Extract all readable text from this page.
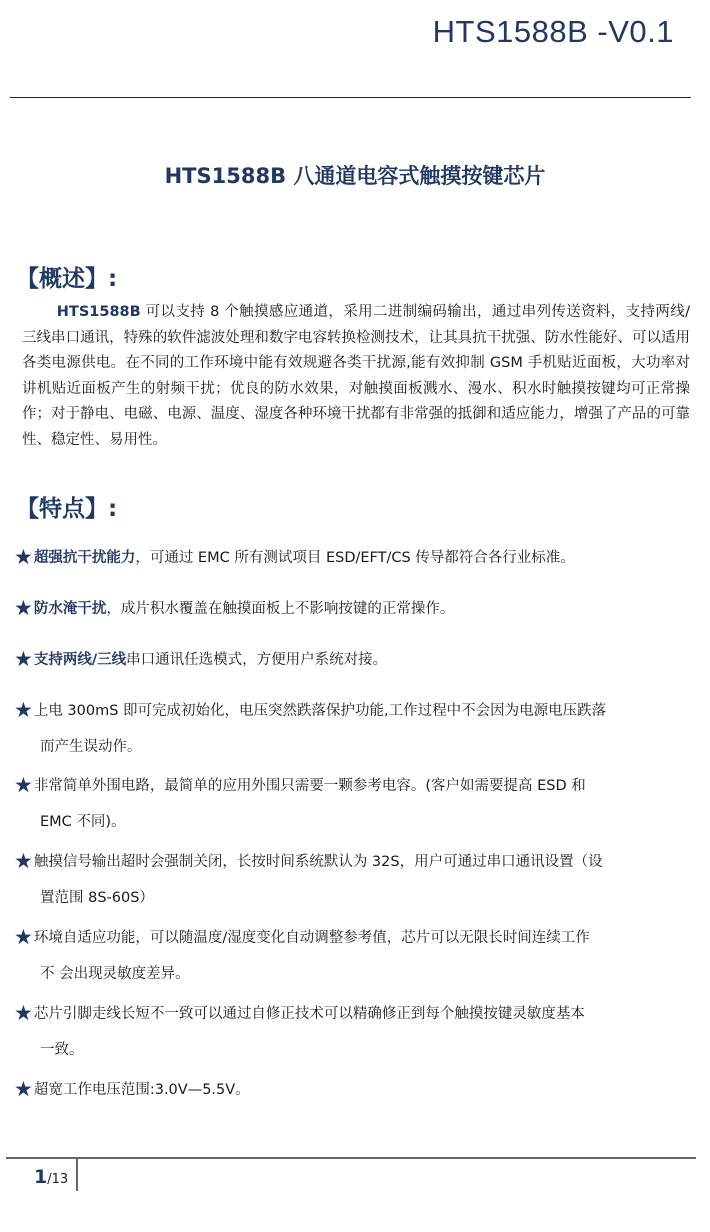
HTS1588B -V0.1
HTS1588B 八通道电容式触摸按键芯片
【概述】:

HTS1588B 可以支持 8 个触摸感应通道，采用二进制编码输出，通过串列传送资料，支持两线/三线串口通讯，特殊的软件滤波处理和数字电容转换检测技术，让其具抗干扰强、防水性能好、可以适用各类电源供电。在不同的工作环境中能有效规避各类干扰源,能有效抑制 GSM 手机贴近面板，大功率对讲机贴近面板产生的射频干扰；优良的防水效果，对触摸面板溅水、漫水、积水时触摸按键均可正常操作；对于静电、电磁、电源、温度、湿度各种环境干扰都有非常强的抵御和适应能力，增强了产品的可靠性、稳定性、易用性。

【特点】:
★超强抗干扰能力，可通过 EMC 所有测试项目 ESD/EFT/CS 传导都符合各行业标准。
★防水淹干扰，成片积水覆盖在触摸面板上不影响按键的正常操作。
★支持两线/三线串口通讯任选模式，方便用户系统对接。
★上电 300mS 即可完成初始化，电压突然跌落保护功能,工作过程中不会因为电源电压跌落
而产生误动作。
★非常简单外围电路，最简单的应用外围只需要一颗参考电容。(客户如需要提高 ESD 和
EMC 不同)。
★触摸信号输出超时会强制关闭，长按时间系统默认为 32S，用户可通过串口通讯设置（设
置范围 8S-60S）
★环境自适应功能，可以随温度/湿度变化自动调整参考值，芯片可以无限长时间连续工作
不 会出现灵敏度差异。
★芯片引脚走线长短不一致可以通过自修正技术可以精确修正到每个触摸按键灵敏度基本
一致。
★超宽工作电压范围:3.0V—5.5V。
1/13
